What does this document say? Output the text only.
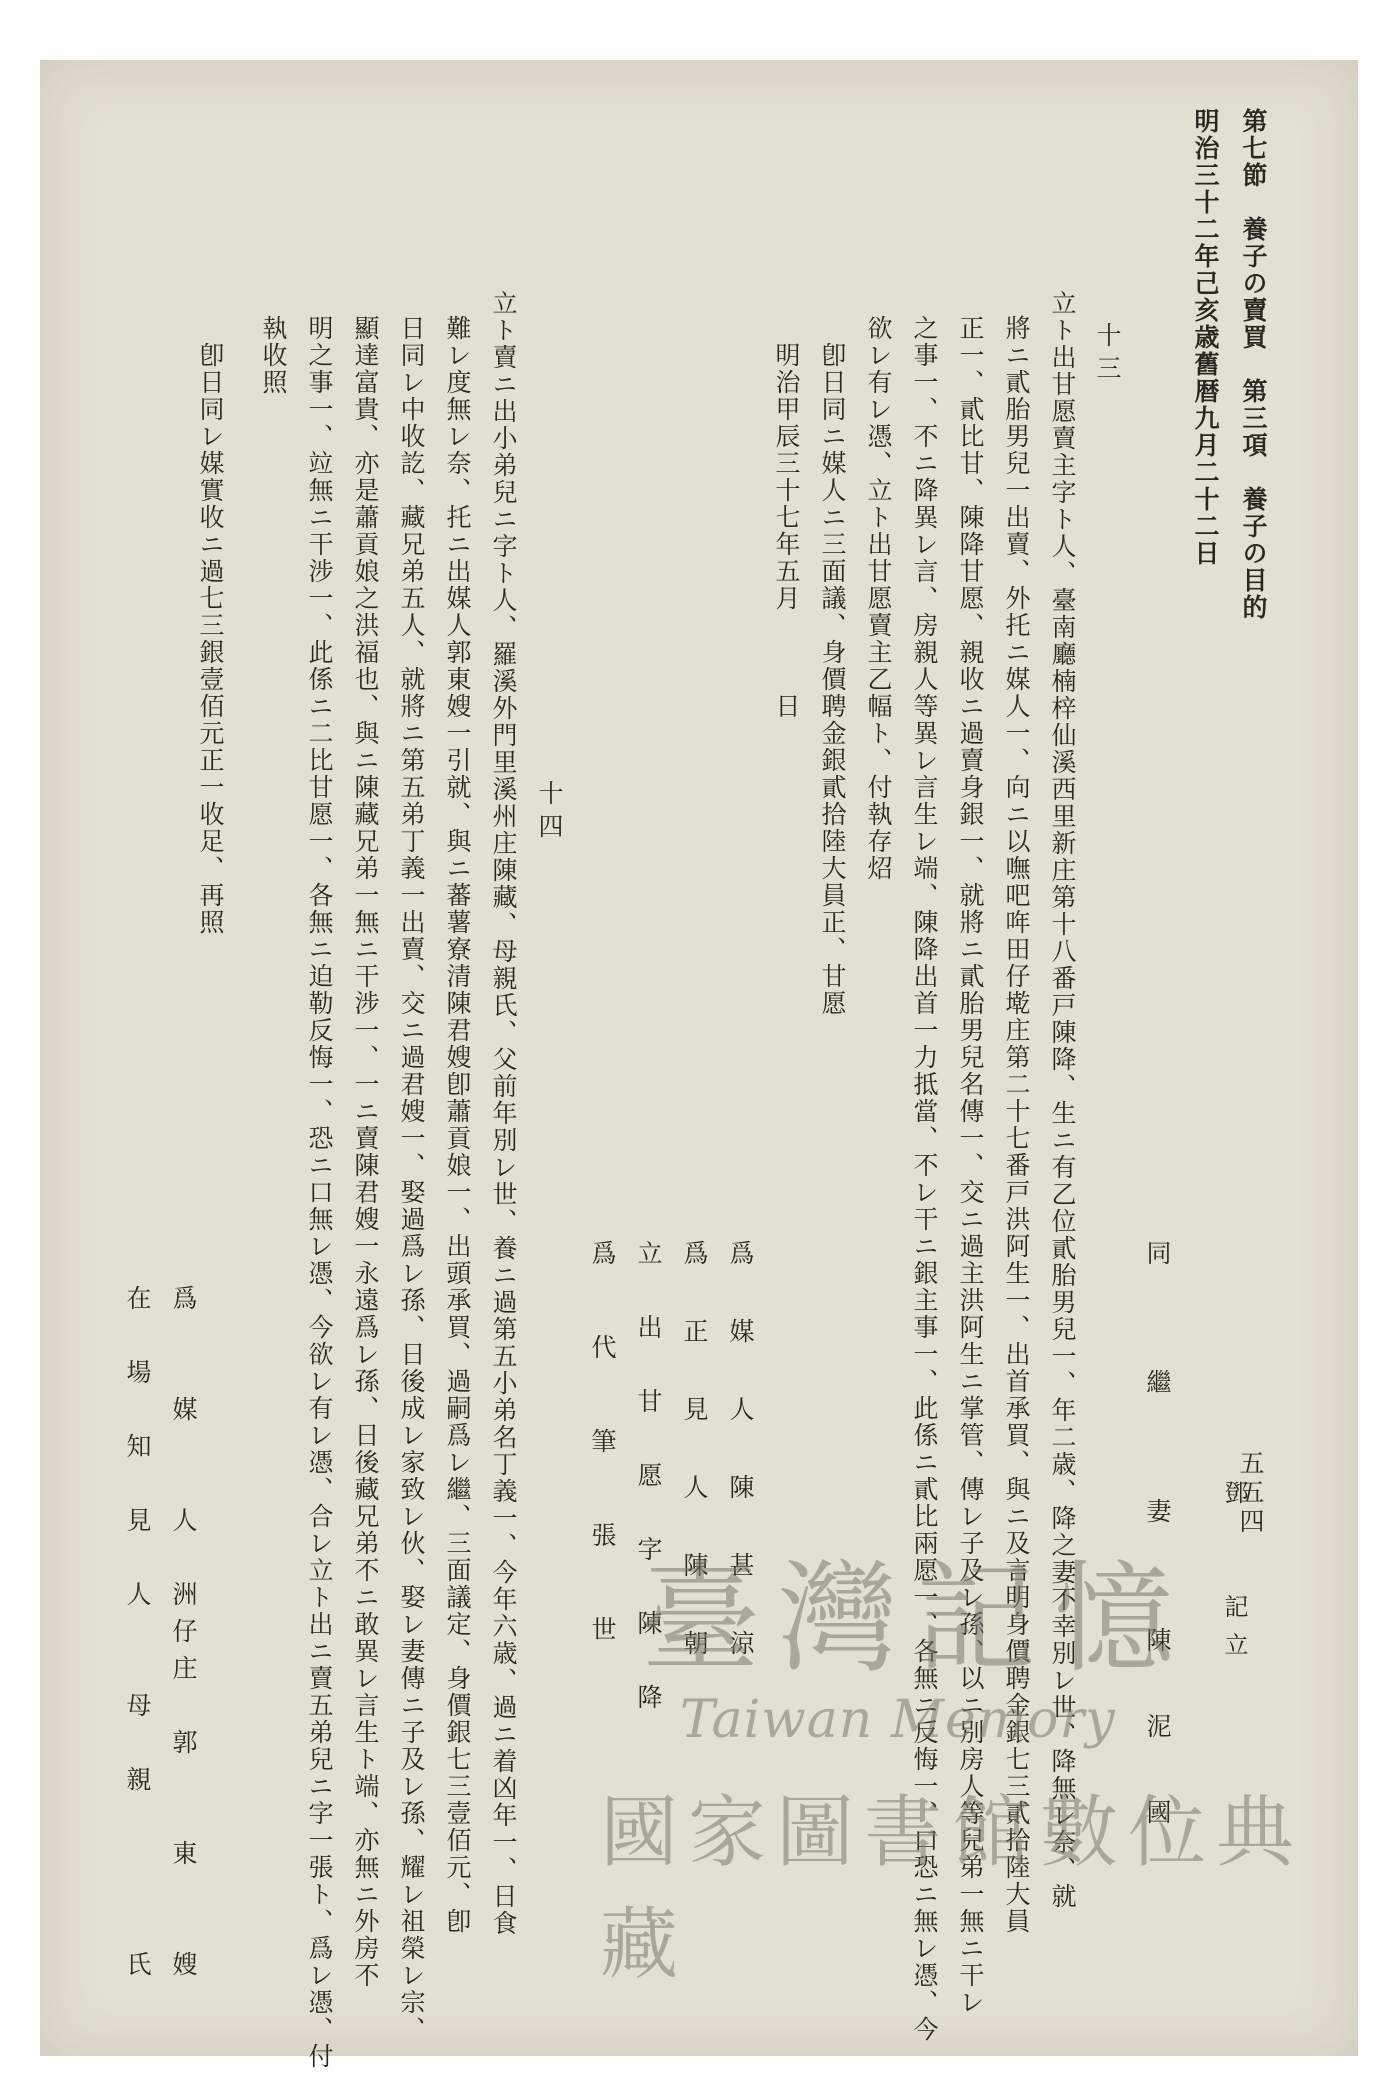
第七節　養子の賣買　第三項　養子の目的
五五四
明治三十二年己亥歳舊暦九月二十二日
同　　繼　　妻　　陳　泥　國 鄧　　記立
十三
立ト出甘愿賣主字ト人、臺南廳楠梓仙溪西里新庄第十八番戸陳降、生ニ有乙位貳胎男兒一、年二歳、降之妻不幸別レ世、降無レ奈、就
將ニ貳胎男兒一出賣、外托ニ媒人一、向ニ以嘸吧哖田仔墘庄第二十七番戸洪阿生一、出首承買、與ニ及言明身價聘金銀七三貳拾陸大員
正一、貳比甘、陳降甘愿、親收ニ過賣身銀一、就將ニ貳胎男兒名傳一、交ニ過主洪阿生ニ掌管、傳レ子及レ孫、以ニ別房人等兒弟一無ニ干レ
之事一、不ニ降異レ言、房親人等異レ言生レ端、陳降出首一力抵當、不レ干ニ銀主事一、此係ニ貳比兩愿一、各無ニ反悔一、口恐ニ無レ憑、今
欲レ有レ憑、立ト出甘愿賣主乙幅ト、付執存炤
卽日同ニ媒人ニ三面議、身價聘金銀貳拾陸大員正、甘愿
明治甲辰三十七年五月　　　日
爲　媒　人　陳　甚　涼
爲　正　見　人　陳　朝
立　出　甘　愿　字　陳　降
爲　代　筆　張　世
十四
立ト賣ニ出小弟兒ニ字ト人、羅溪外門里溪州庄陳藏、母親氏、父前年別レ世、養ニ過第五小弟名丁義一、今年六歳、過ニ着凶年一、日食
難レ度無レ奈、托ニ出媒人郭東嫂一引就、與ニ蕃薯寮清陳君嫂卽蕭貢娘一、出頭承買、過嗣爲レ繼、三面議定、身價銀七三壹佰元、卽
日同レ中收訖、藏兄弟五人、就將ニ第五弟丁義一出賣、交ニ過君嫂一、娶過爲レ孫、日後成レ家致レ伙、娶レ妻傳ニ子及レ孫、耀レ祖榮レ宗、
顯達富貴、亦是蕭貢娘之洪福也、與ニ陳藏兄弟一無ニ干涉一、一ニ賣陳君嫂一永遠爲レ孫、日後藏兄弟不ニ敢異レ言生ト端、亦無ニ外房不
明之事一、竝無ニ干涉一、此係ニ二比甘愿一、各無ニ迫勒反悔一、恐ニ口無レ憑、今欲レ有レ憑、合レ立ト出ニ賣五弟兒ニ字一張ト、爲レ憑、付
執收照
卽日同レ媒實收ニ過七三銀壹佰元正一收足、再照
爲　　媒　　人　洲仔庄　郭　　東　　嫂
在　場　知　見　人　　母　親　　　　氏	臺灣記憶
Taiwan Memory
國家圖書館數位典藏
